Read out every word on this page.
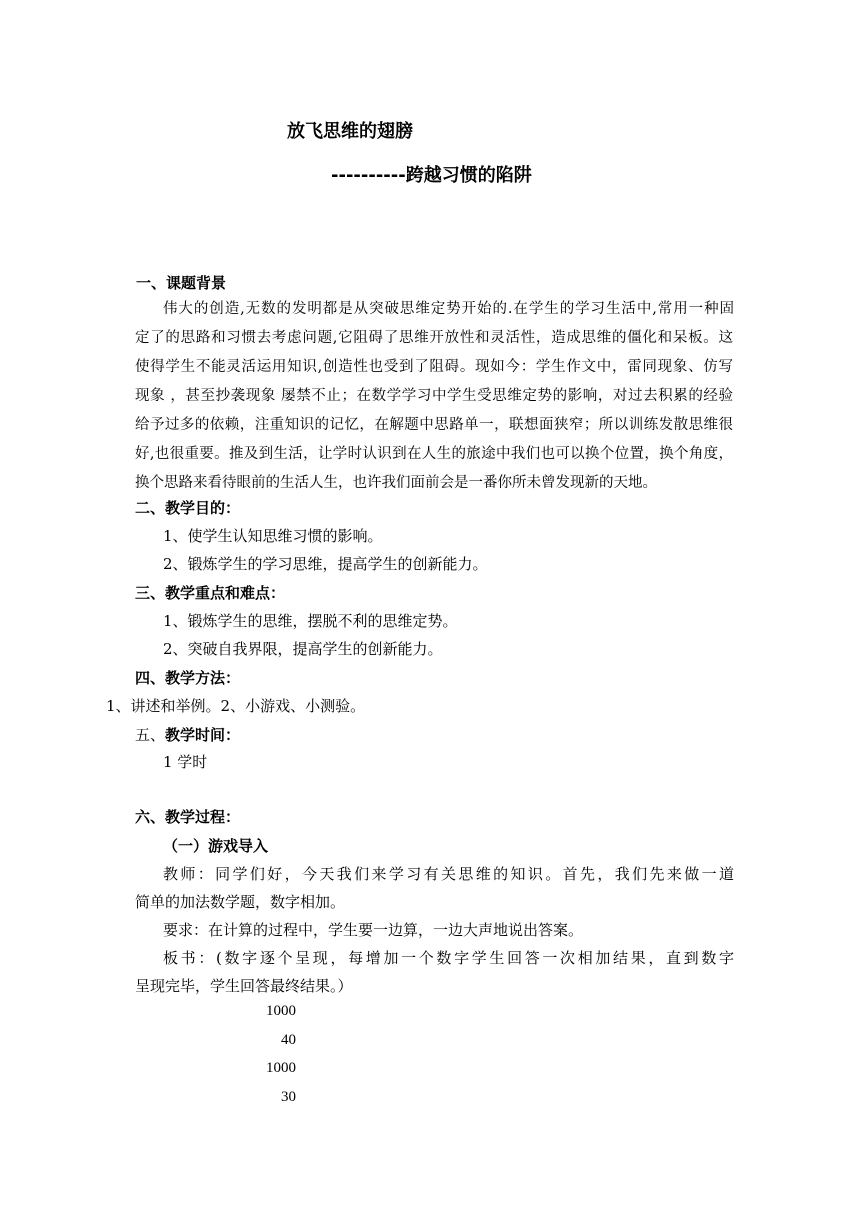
放飞思维的翅膀
----------跨越习惯的陷阱
一、课题背景
伟大的创造,无数的发明都是从突破思维定势开始的.在学生的学习生活中,常用一种固
定了的思路和习惯去考虑问题,它阻碍了思维开放性和灵活性，造成思维的僵化和呆板。这
使得学生不能灵活运用知识,创造性也受到了阻碍。现如今：学生作文中，雷同现象、仿写
现象 ，甚至抄袭现象 屡禁不止；在数学学习中学生受思维定势的影响，对过去积累的经验
给予过多的依赖，注重知识的记忆，在解题中思路单一，联想面狭窄；所以训练发散思维很
好,也很重要。推及到生活，让学时认识到在人生的旅途中我们也可以换个位置，换个角度，
换个思路来看待眼前的生活人生，也许我们面前会是一番你所未曾发现新的天地。
二、教学目的：
1、使学生认知思维习惯的影响。
2、锻炼学生的学习思维，提高学生的创新能力。
三、教学重点和难点：
1、锻炼学生的思维，摆脱不利的思维定势。
2、突破自我界限，提高学生的创新能力。
四、教学方法：
1、讲述和举例。2、小游戏、小测验。
五、教学时间：
1 学时
六、教学过程：
（一）游戏导入
教师：同学们好，今天我们来学习有关思维的知识。首先，我们先来做一道
简单的加法数学题，数字相加。
要求：在计算的过程中，学生要一边算，一边大声地说出答案。
板书：(数字逐个呈现，每增加一个数字学生回答一次相加结果，直到数字
呈现完毕，学生回答最终结果。）
1000
40
1000
30
